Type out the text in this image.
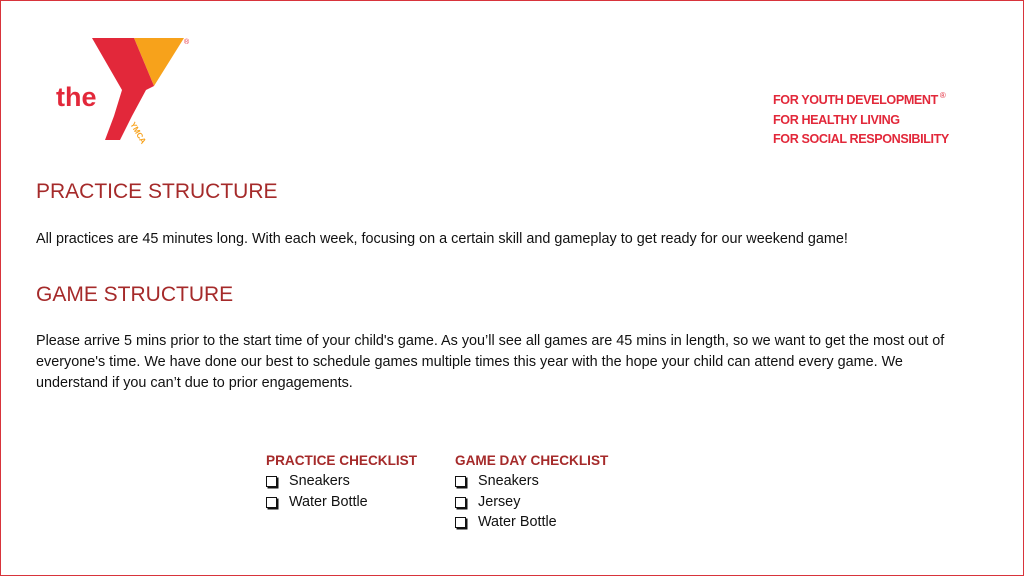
the
YMCA
®
FOR YOUTH DEVELOPMENT ®
FOR HEALTHY LIVING
FOR SOCIAL RESPONSIBILITY
PRACTICE STRUCTURE
All practices are 45 minutes long. With each week, focusing on a certain skill and gameplay to get ready for our weekend game!
GAME STRUCTURE
Please arrive 5 mins prior to the start time of your child's game. As you’ll see all games are 45 mins in length, so we want to get the most out of everyone's time. We have done our best to schedule games multiple times this year with the hope your child can attend every game. We understand if you can’t due to prior engagements.
PRACTICE CHECKLIST
Sneakers
Water Bottle
GAME DAY CHECKLIST
Sneakers
Jersey
Water Bottle
